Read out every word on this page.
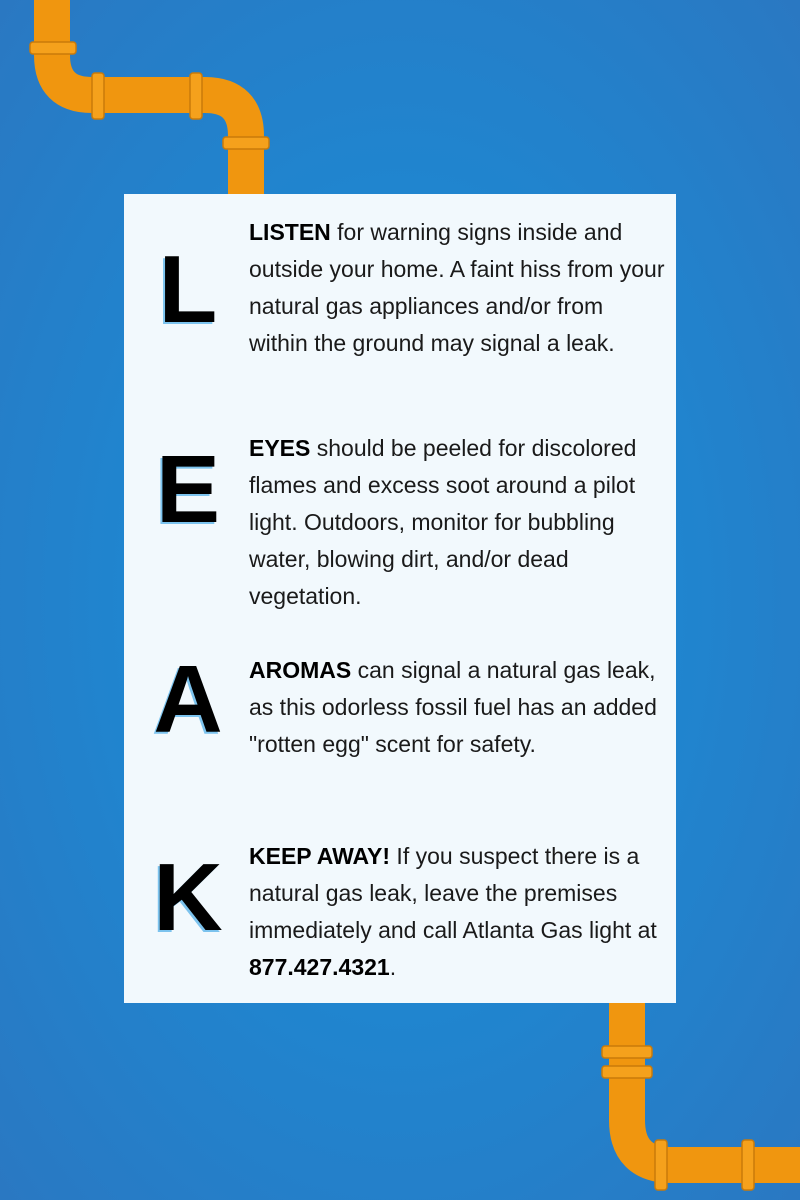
L
LISTEN for warning signs inside and outside your home. A faint hiss from your natural gas appliances and/or from within the ground may signal a leak.
E EYES should be peeled for discolored flames and excess soot around a pilot light. Outdoors, monitor for bubbling water, blowing dirt, and/or dead vegetation.
A AROMAS can signal a natural gas leak, as this odorless fossil fuel has an added "rotten egg" scent for safety.
K KEEP AWAY! If you suspect there is a natural gas leak, leave the premises immediately and call Atlanta Gas light at 877.427.4321.
